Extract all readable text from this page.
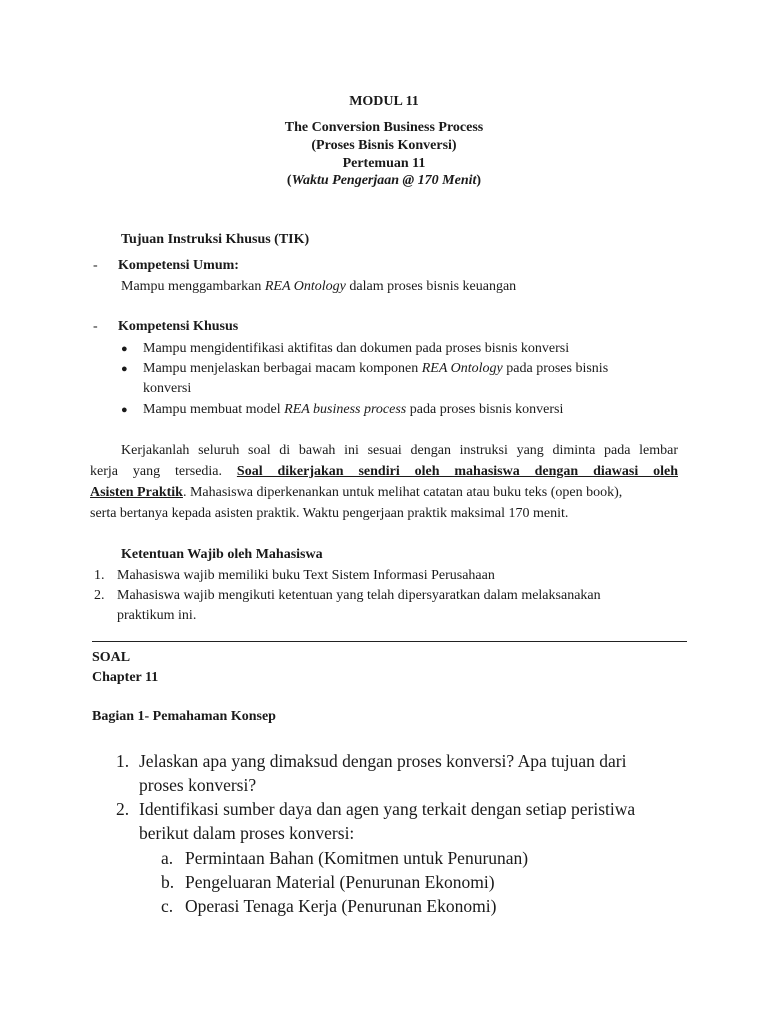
MODUL 11
The Conversion Business Process
(Proses Bisnis Konversi)
Pertemuan 11
(Waktu Pengerjaan @ 170 Menit)
Tujuan Instruksi Khusus (TIK)
- Kompetensi Umum:
Mampu menggambarkan REA Ontology dalam proses bisnis keuangan
- Kompetensi Khusus
● Mampu mengidentifikasi aktifitas dan dokumen pada proses bisnis konversi
● Mampu menjelaskan berbagai macam komponen REA Ontology pada proses bisnis
konversi
● Mampu membuat model REA business process pada proses bisnis konversi
Kerjakanlah seluruh soal di bawah ini sesuai dengan instruksi yang diminta pada lembar
kerja yang tersedia. Soal dikerjakan sendiri oleh mahasiswa dengan diawasi oleh
Asisten Praktik. Mahasiswa diperkenankan untuk melihat catatan atau buku teks (open book),
serta bertanya kepada asisten praktik. Waktu pengerjaan praktik maksimal 170 menit.
Ketentuan Wajib oleh Mahasiswa
1. Mahasiswa wajib memiliki buku Text Sistem Informasi Perusahaan
2. Mahasiswa wajib mengikuti ketentuan yang telah dipersyaratkan dalam melaksanakan
praktikum ini.
SOAL
Chapter 11
Bagian 1- Pemahaman Konsep
1. Jelaskan apa yang dimaksud dengan proses konversi? Apa tujuan dari
proses konversi?
2. Identifikasi sumber daya dan agen yang terkait dengan setiap peristiwa
berikut dalam proses konversi:
a. Permintaan Bahan (Komitmen untuk Penurunan)
b. Pengeluaran Material (Penurunan Ekonomi)
c. Operasi Tenaga Kerja (Penurunan Ekonomi)
